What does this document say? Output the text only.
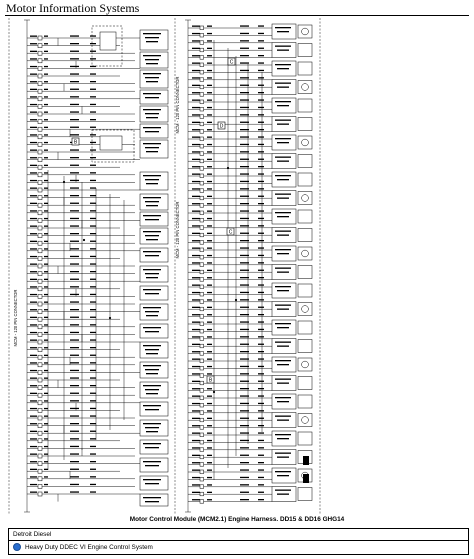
Motor Information Systems
MCM - 120 PIN CONNECTOR
MCM - 120 PIN CONNECTOR
MCM - 120 PIN CONNECTOR
B
C
D
C
B
Motor Control Module (MCM2.1) Engine Harness. DD15 & DD16 GHG14
Detroit Diesel
Heavy Duty DDEC VI Engine Control System
